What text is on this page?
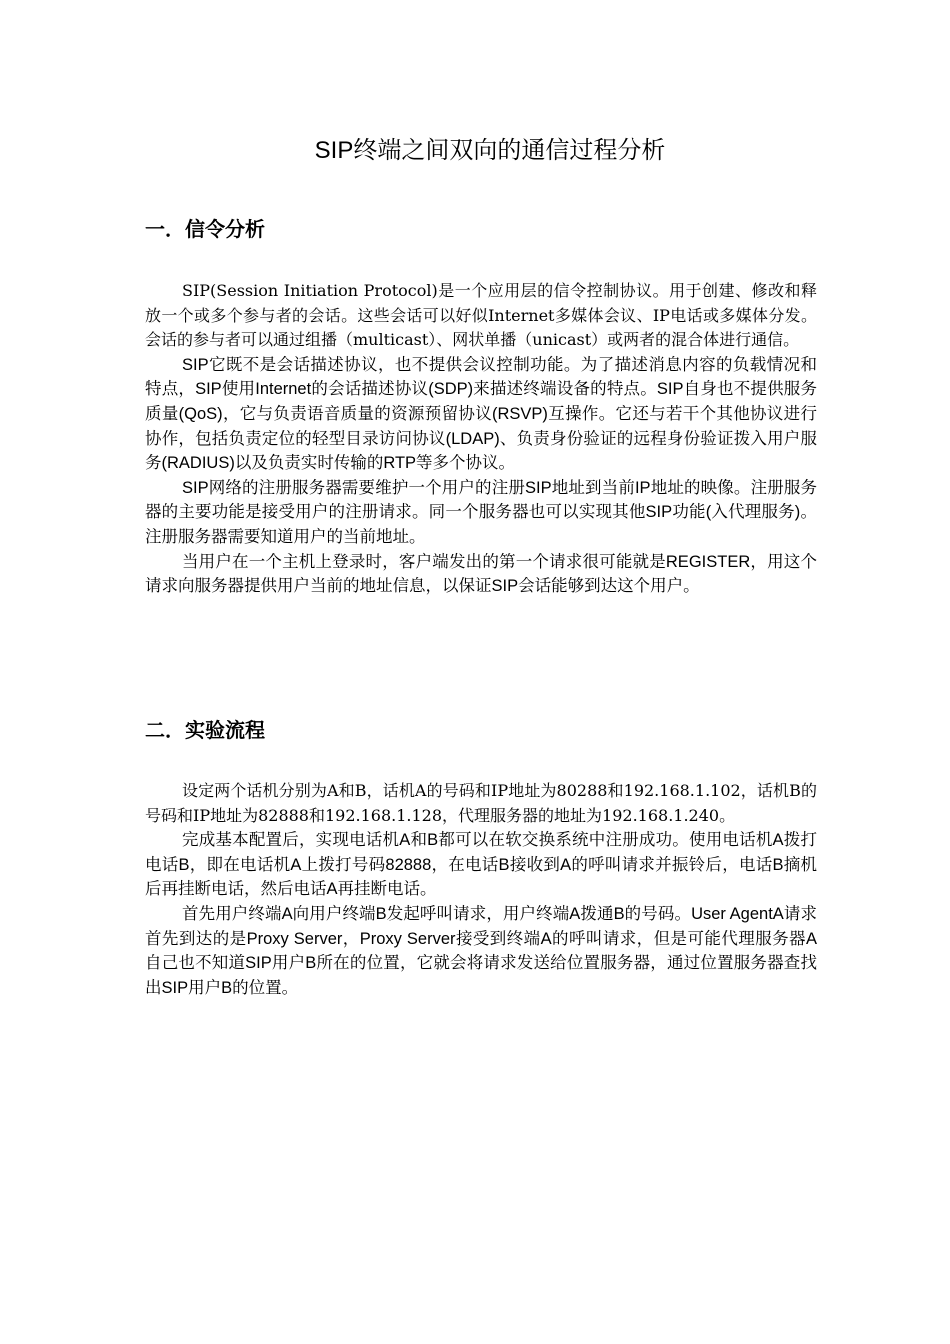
SIP终端之间双向的通信过程分析
一．信令分析

SIP(Session Initiation Protocol)是一个应用层的信令控制协议。用于创建、修改和释放一个或多个参与者的会话。这些会话可以好似Internet多媒体会议、IP电话或多媒体分发。会话的参与者可以通过组播（multicast）、网状单播（unicast）或两者的混合体进行通信。

SIP它既不是会话描述协议，也不提供会议控制功能。为了描述消息内容的负载情况和特点，SIP使用Internet的会话描述协议(SDP)来描述终端设备的特点。SIP自身也不提供服务质量(QoS)，它与负责语音质量的资源预留协议(RSVP)互操作。它还与若干个其他协议进行协作，包括负责定位的轻型目录访问协议(LDAP)、负责身份验证的远程身份验证拨入用户服务(RADIUS)以及负责实时传输的RTP等多个协议。

SIP网络的注册服务器需要维护一个用户的注册SIP地址到当前IP地址的映像。注册服务器的主要功能是接受用户的注册请求。同一个服务器也可以实现其他SIP功能(入代理服务)。注册服务器需要知道用户的当前地址。

当用户在一个主机上登录时，客户端发出的第一个请求很可能就是REGISTER，用这个请求向服务器提供用户当前的地址信息，以保证SIP会话能够到达这个用户。

二．实验流程

设定两个话机分别为A和B，话机A的号码和IP地址为80288和192.168.1.102，话机B的号码和IP地址为82888和192.168.1.128，代理服务器的地址为192.168.1.240。

完成基本配置后，实现电话机A和B都可以在软交换系统中注册成功。使用电话机A拨打电话B，即在电话机A上拨打号码82888，在电话B接收到A的呼叫请求并振铃后，电话B摘机后再挂断电话，然后电话A再挂断电话。

首先用户终端A向用户终端B发起呼叫请求，用户终端A拨通B的号码。User AgentA请求首先到达的是Proxy Server，Proxy Server接受到终端A的呼叫请求，但是可能代理服务器A自己也不知道SIP用户B所在的位置，它就会将请求发送给位置服务器，通过位置服务器查找出SIP用户B的位置。
